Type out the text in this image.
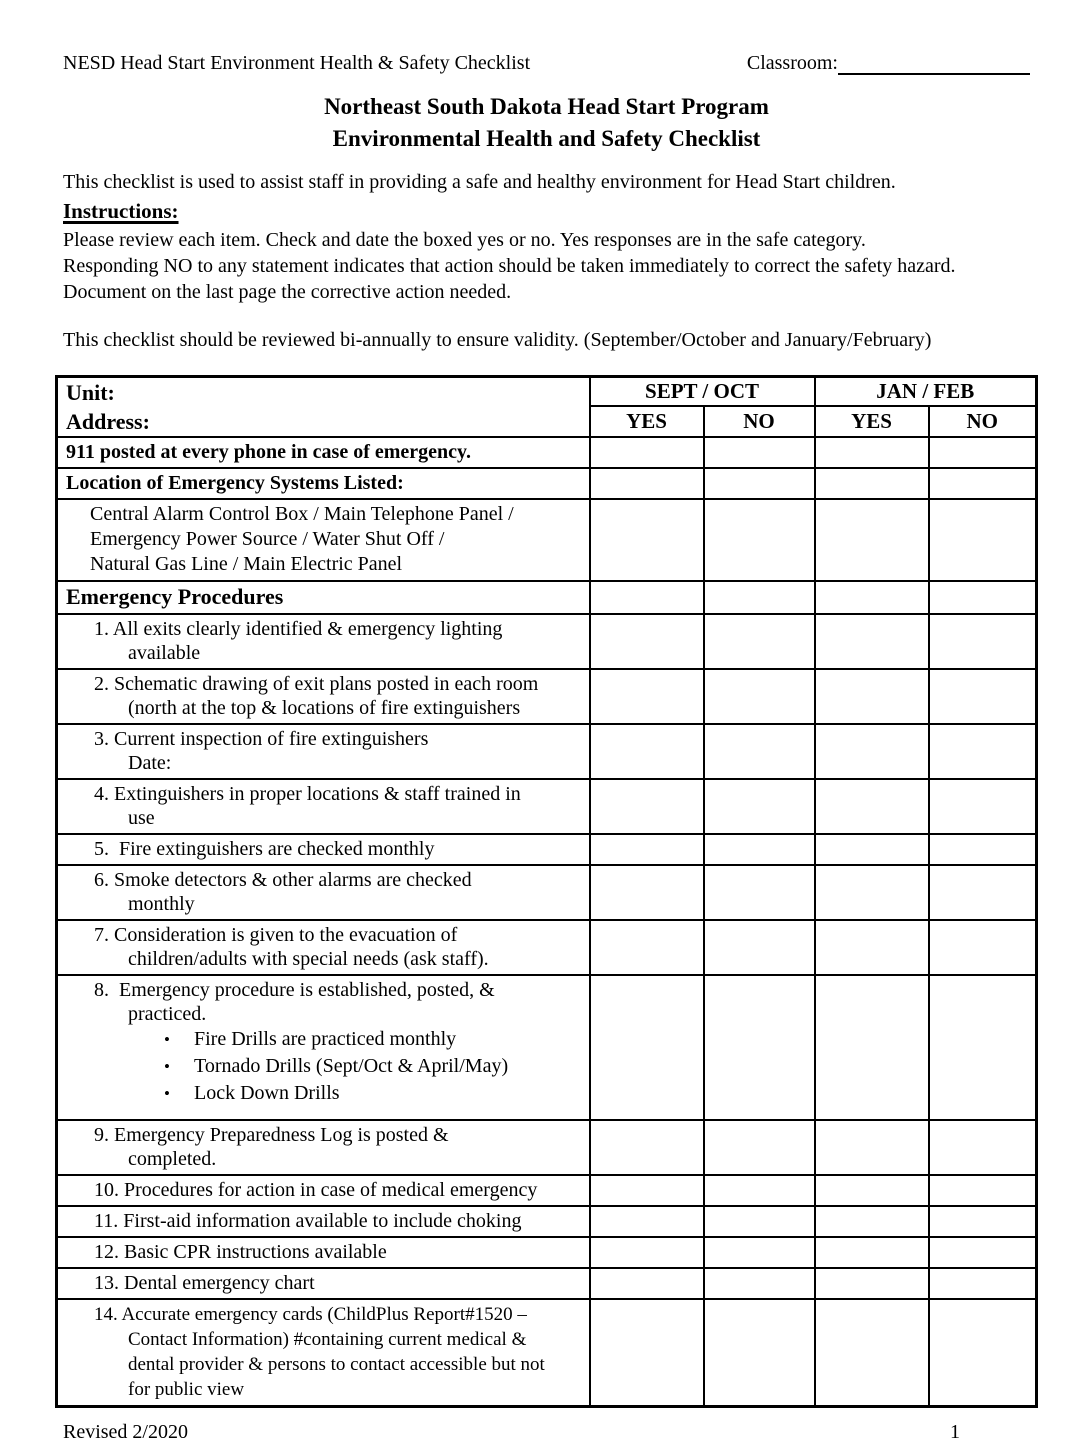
NESD Head Start Environment Health & Safety Checklist	Classroom:
Northeast South Dakota Head Start Program
Environmental Health and Safety Checklist
This checklist is used to assist staff in providing a safe and healthy environment for Head Start children.
Instructions:
Please review each item. Check and date the boxed yes or no. Yes responses are in the safe category.
Responding NO to any statement indicates that action should be taken immediately to correct the safety hazard.
Document on the last page the corrective action needed.
This checklist should be reviewed bi-annually to ensure validity. (September/October and January/February)
Unit:
Address:	SEPT / OCT		JAN / FEB	
	YES	NO	YES	NO

911 posted at every phone in case of emergency.				

Location of Emergency Systems Listed:				

Central Alarm Control Box / Main Telephone Panel /
Emergency Power Source / Water Shut Off /
Natural Gas Line / Main Electric Panel				

Emergency Procedures				

1. All exits clearly identified & emergency lighting
available				

2. Schematic drawing of exit plans posted in each room
(north at the top & locations of fire extinguishers				

3. Current inspection of fire extinguishers
Date:				

4. Extinguishers in proper locations & staff trained in
use				

5.  Fire extinguishers are checked monthly				

6. Smoke detectors & other alarms are checked
monthly				

7. Consideration is given to the evacuation of
children/adults with special needs (ask staff).				

8.  Emergency procedure is established, posted, &
practiced.
• Fire Drills are practiced monthly
• Tornado Drills (Sept/Oct & April/May)
• Lock Down Drills				

9. Emergency Preparedness Log is posted &
completed.				

10. Procedures for action in case of medical emergency				

11. First-aid information available to include choking				

12. Basic CPR instructions available				

13. Dental emergency chart				

14. Accurate emergency cards (ChildPlus Report#1520 –
Contact Information) #containing current medical &
dental provider & persons to contact accessible but not
for public view				

Revised 2/2020	1
